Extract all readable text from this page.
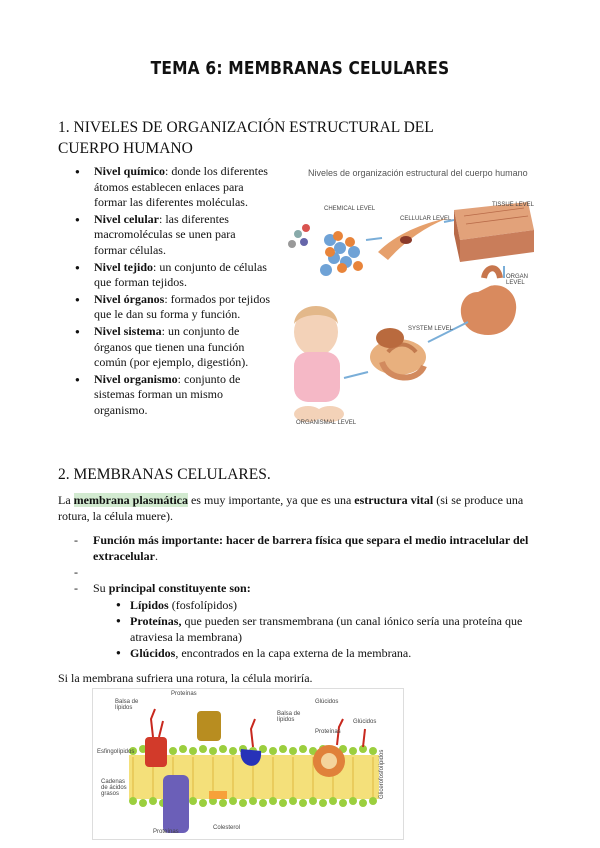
TEMA 6: MEMBRANAS CELULARES
1. NIVELES DE ORGANIZACIÓN ESTRUCTURAL DEL CUERPO HUMANO
● Nivel químico: donde los diferentes átomos establecen enlaces para formar las diferentes moléculas.
● Nivel celular: las diferentes macromoléculas se unen para formar células.
● Nivel tejido: un conjunto de células que forman tejidos.
● Nivel órganos: formados por tejidos que le dan su forma y función.
● Nivel sistema: un conjunto de órganos que tienen una función común (por ejemplo, digestión).
● Nivel organismo: conjunto de sistemas forman un mismo organismo.
Niveles de organización estructural del cuerpo humano
CHEMICAL LEVEL
CELLULAR LEVEL
TISSUE LEVEL
ORGAN LEVEL
SYSTEM LEVEL
ORGANISMAL LEVEL
2. MEMBRANAS CELULARES.
La membrana plasmática es muy importante, ya que es una estructura vital (si se produce una rotura, la célula muere).
- Función más importante: hacer de barrera física que separa el medio intracelular del extracelular.
-
- Su principal constituyente son:
● Lípidos (fosfolípidos)
● Proteínas, que pueden ser transmembrana (un canal iónico sería una proteína que atraviesa la membrana)
● Glúcidos, encontrados en la capa externa de la membrana.
Si la membrana sufriera una rotura, la célula moriría.
Proteínas
Balsa de lípidos
Esfingolípidos
Cadenas de ácidos grasos
Balsa de lípidos
Glúcidos
Glúcidos
Proteínas
Colesterol
Proteínas
Glicerofosfolípidos
